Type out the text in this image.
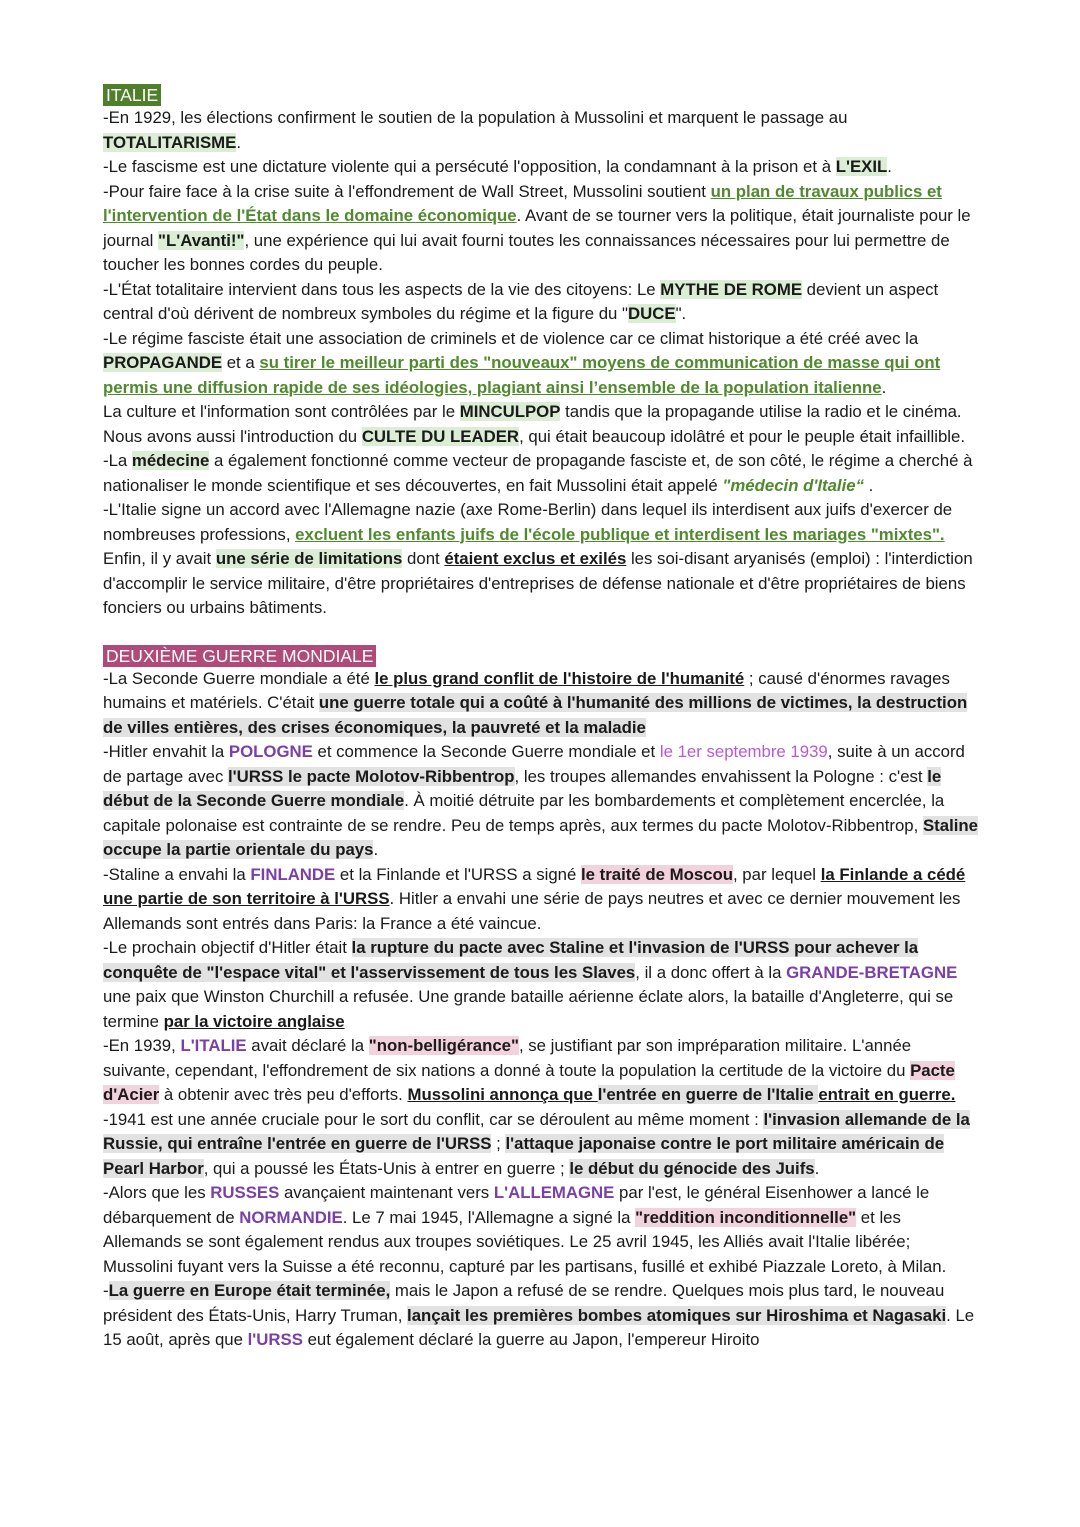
ITALIE

-En 1929, les élections confirment le soutien de la population à Mussolini et marquent le passage au TOTALITARISME.

-Le fascisme est une dictature violente qui a persécuté l'opposition, la condamnant à la prison et à L'EXIL.

-Pour faire face à la crise suite à l'effondrement de Wall Street, Mussolini soutient un plan de travaux publics et l'intervention de l'État dans le domaine économique. Avant de se tourner vers la politique, était journaliste pour le journal "L'Avanti!", une expérience qui lui avait fourni toutes les connaissances nécessaires pour lui permettre de toucher les bonnes cordes du peuple.

-L'État totalitaire intervient dans tous les aspects de la vie des citoyens: Le MYTHE DE ROME devient un aspect central d'où dérivent de nombreux symboles du régime et la figure du "DUCE".

-Le régime fasciste était une association de criminels et de violence car ce climat historique a été créé avec la PROPAGANDE et a su tirer le meilleur parti des "nouveaux" moyens de communication de masse qui ont permis une diffusion rapide de ses idéologies, plagiant ainsi l’ensemble de la population italienne.

La culture et l'information sont contrôlées par le MINCULPOP tandis que la propagande utilise la radio et le cinéma. Nous avons aussi l'introduction du CULTE DU LEADER, qui était beaucoup idolâtré et pour le peuple était infaillible.

-La médecine a également fonctionné comme vecteur de propagande fasciste et, de son côté, le régime a cherché à nationaliser le monde scientifique et ses découvertes, en fait Mussolini était appelé "médecin d'Italie“ .

-L'Italie signe un accord avec l'Allemagne nazie (axe Rome-Berlin) dans lequel ils interdisent aux juifs d'exercer de nombreuses professions, excluent les enfants juifs de l'école publique et interdisent les mariages "mixtes". Enfin, il y avait une série de limitations dont étaient exclus et exilés les soi-disant aryanisés (emploi) : l'interdiction d'accomplir le service militaire, d'être propriétaires d'entreprises de défense nationale et d'être propriétaires de biens fonciers ou urbains bâtiments.

DEUXIÈME GUERRE MONDIALE

-La Seconde Guerre mondiale a été le plus grand conflit de l'histoire de l'humanité ; causé d'énormes ravages humains et matériels. C'était une guerre totale qui a coûté à l'humanité des millions de victimes, la destruction de villes entières, des crises économiques, la pauvreté et la maladie

-Hitler envahit la POLOGNE et commence la Seconde Guerre mondiale et le 1er septembre 1939, suite à un accord de partage avec l'URSS le pacte Molotov-Ribbentrop, les troupes allemandes envahissent la Pologne : c'est le début de la Seconde Guerre mondiale. À moitié détruite par les bombardements et complètement encerclée, la capitale polonaise est contrainte de se rendre. Peu de temps après, aux termes du pacte Molotov-Ribbentrop, Staline occupe la partie orientale du pays.

-Staline a envahi la FINLANDE et la Finlande et l'URSS a signé le traité de Moscou, par lequel la Finlande a cédé une partie de son territoire à l'URSS. Hitler a envahi une série de pays neutres et avec ce dernier mouvement les Allemands sont entrés dans Paris: la France a été vaincue.

-Le prochain objectif d'Hitler était la rupture du pacte avec Staline et l'invasion de l'URSS pour achever la conquête de "l'espace vital" et l'asservissement de tous les Slaves, il a donc offert à la GRANDE-BRETAGNE une paix que Winston Churchill a refusée. Une grande bataille aérienne éclate alors, la bataille d'Angleterre, qui se termine par la victoire anglaise

-En 1939, L'ITALIE avait déclaré la "non-belligérance", se justifiant par son impréparation militaire. L'année suivante, cependant, l'effondrement de six nations a donné à toute la population la certitude de la victoire du Pacte d'Acier à obtenir avec très peu d'efforts. Mussolini annonça que l'entrée en guerre de l'Italie entrait en guerre.

-1941 est une année cruciale pour le sort du conflit, car se déroulent au même moment : l'invasion allemande de la Russie, qui entraîne l'entrée en guerre de l'URSS ; l'attaque japonaise contre le port militaire américain de Pearl Harbor, qui a poussé les États-Unis à entrer en guerre ; le début du génocide des Juifs.

-Alors que les RUSSES avançaient maintenant vers L'ALLEMAGNE par l'est, le général Eisenhower a lancé le débarquement de NORMANDIE. Le 7 mai 1945, l'Allemagne a signé la "reddition inconditionnelle" et les Allemands se sont également rendus aux troupes soviétiques. Le 25 avril 1945, les Alliés avait l'Italie libérée; Mussolini fuyant vers la Suisse a été reconnu, capturé par les partisans, fusillé et exhibé Piazzale Loreto, à Milan.

-La guerre en Europe était terminée, mais le Japon a refusé de se rendre. Quelques mois plus tard, le nouveau président des États-Unis, Harry Truman, lançait les premières bombes atomiques sur Hiroshima et Nagasaki. Le 15 août, après que l'URSS eut également déclaré la guerre au Japon, l'empereur Hiroito
